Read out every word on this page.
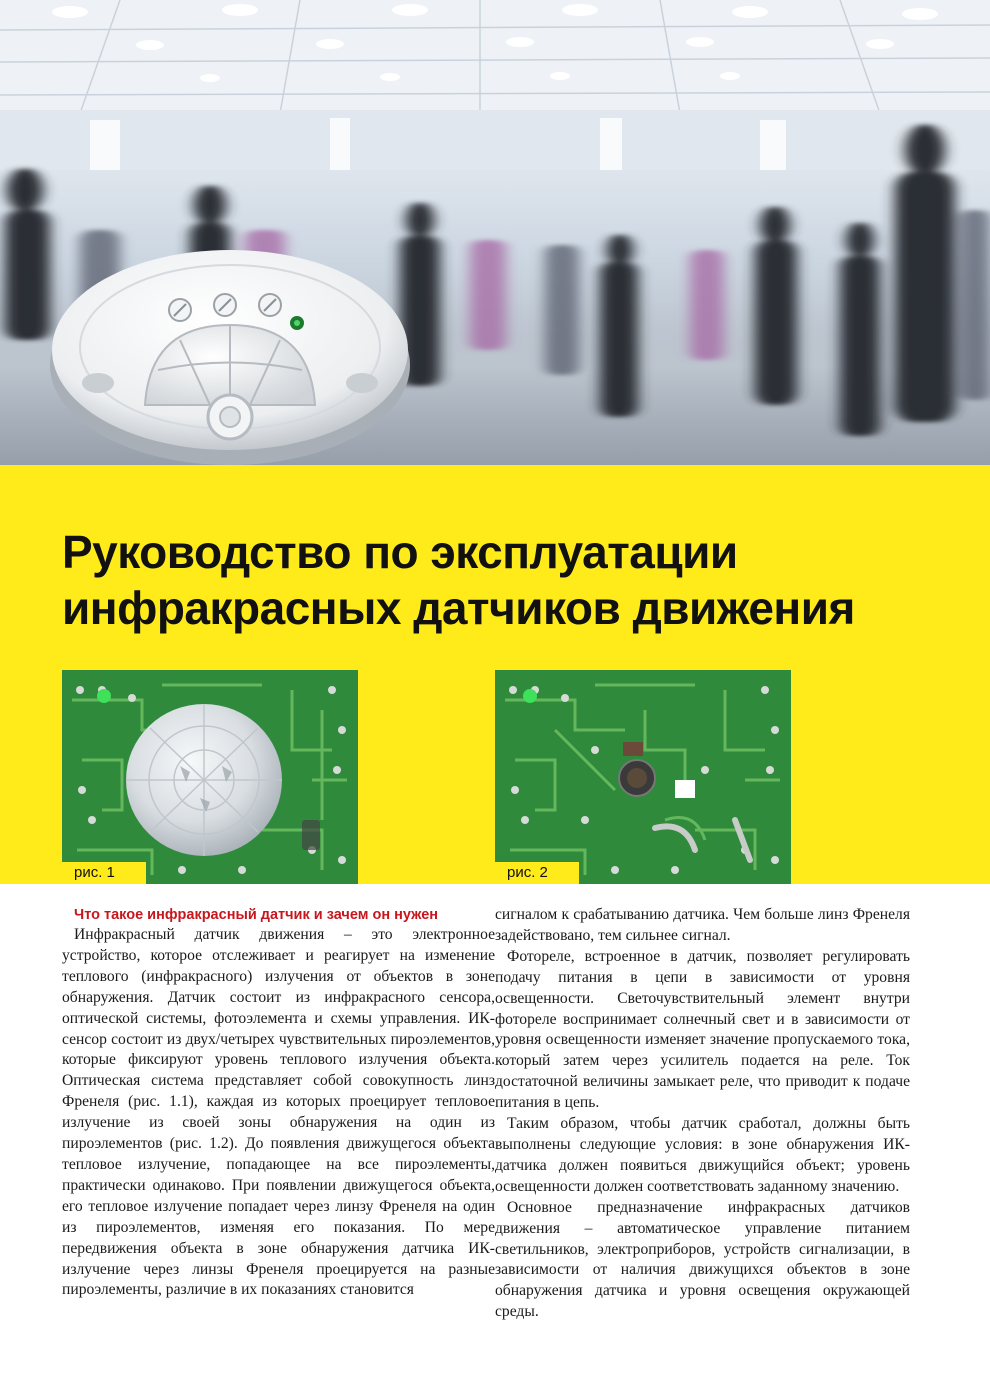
Руководство по эксплуатации
инфракрасных датчиков движения
рис. 1	рис. 2
Что такое инфракрасный датчик и зачем он нужен

Инфракрасный датчик движения – это электронное устройство, которое отслеживает и реагирует на изменение теплового (инфракрасного) излучения от объектов в зоне обнаружения. Датчик состоит из инфракрасного сенсора, оптической системы, фотоэлемента и схемы управления. ИК-сенсор состоит из двух/четырех чувствительных пироэлементов, которые фиксируют уровень теплового излучения объекта. Оптическая система представляет собой совокупность линз Френеля (рис. 1.1), каждая из которых проецирует тепловое излучение из своей зоны обнаружения на один из пироэлементов (рис. 1.2). До появления движущегося объекта тепловое излучение, попадающее на все пироэлементы, практически одинаково. При появлении движущегося объекта, его тепловое излучение попадает через линзу Френеля на один из пироэлементов, изменяя его показания. По мере передвижения объекта в зоне обнаружения датчика ИК-излучение через линзы Френеля проецируется на разные пироэлементы, различие в их показаниях становится

сигналом к срабатыванию датчика. Чем больше линз Френеля задействовано, тем сильнее сигнал.

Фотореле, встроенное в датчик, позволяет регулировать подачу питания в цепи в зависимости от уровня освещенности. Светочувствительный элемент внутри фотореле воспринимает солнечный свет и в зависимости от уровня освещенности изменяет значение пропускаемого тока, который затем через усилитель подается на реле. Ток достаточной величины замыкает реле, что приводит к подаче питания в цепь.

Таким образом, чтобы датчик сработал, должны быть выполнены следующие условия: в зоне обнаружения ИК-датчика должен появиться движущийся объект; уровень освещенности должен соответствовать заданному значению.

Основное предназначение инфракрасных датчиков движения – автоматическое управление питанием светильников, электроприборов, устройств сигнализации, в зависимости от наличия движущихся объектов в зоне обнаружения датчика и уровня освещения окружающей среды.
